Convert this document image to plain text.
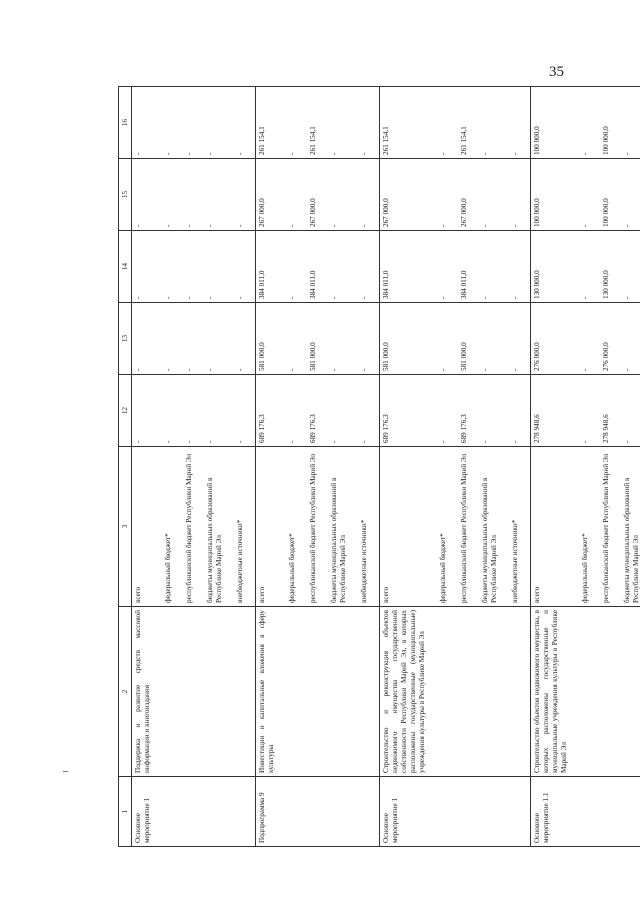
35
1	2	3	12	13	14	15	16
Основное мероприятие 1	Поддержка и развитие средств массовой информации и книгоиздания	всего	-	-	-	-	-
		федеральный бюджет*	-	-	-	-	-
		республиканский бюджет Республики Марий Эл	-	-	-	-	-
		бюджеты муниципальных образований в Республике Марий Эл	-	-	-	-	-
		внебюджетные источники*	-	-	-	-	-
Подпрограмма 9	Инвестиции и капитальные вложения в сферу культуры	всего	689 176,3	581 000,0	384 011,0	267 000,0	261 154,1
		федеральный бюджет*	-	-	-	-	-
		республиканский бюджет Республики Марий Эл	689 176,3	581 000,0	384 011,0	267 000,0	261 154,1
		бюджеты муниципальных образований в Республике Марий Эл	-	-	-	-	-
		внебюджетные источники*	-	-	-	-	-
Основное мероприятие 1	Строительство и реконструкция объектов недвижимого имущества государственной собственности Республики Марий Эл, в которых расположены государственные (муниципальные) учреждения культуры в Республике Марий Эл	всего	689 176,3	581 000,0	384 011,0	267 000,0	261 154,1
		федеральный бюджет*	-	-	-	-	-
		республиканский бюджет Республики Марий Эл	689 176,3	581 000,0	384 011,0	267 000,0	261 154,1
		бюджеты муниципальных образований в Республике Марий Эл	-	-	-	-	-
		внебюджетные источники*	-	-	-	-	-
Основное мероприятие 1.1	Строительство объектов недвижимого имущества, в которых расположены государственные и муниципальные учреждения культуры в Республике Марий Эл	всего	278 948,6	276 000,0	130 000,0	100 000,0	100 000,0
		федеральный бюджет*	-	-	-	-	-
		республиканский бюджет Республики Марий Эл	278 948,6	276 000,0	130 000,0	100 000,0	100 000,0
		бюджеты муниципальных образований в Республике Марий Эл	-	-	-	-	-
